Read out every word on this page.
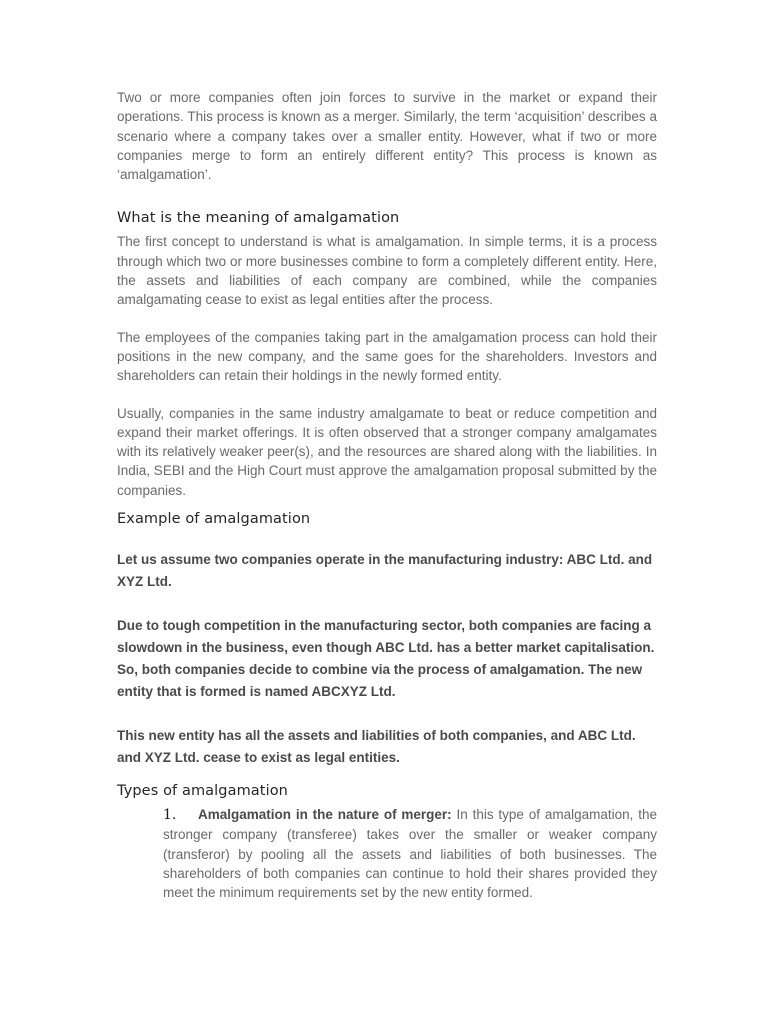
Two or more companies often join forces to survive in the market or expand their operations. This process is known as a merger. Similarly, the term ‘acquisition’ describes a scenario where a company takes over a smaller entity. However, what if two or more companies merge to form an entirely different entity? This process is known as ‘amalgamation’.

What is the meaning of amalgamation

The first concept to understand is what is amalgamation. In simple terms, it is a process through which two or more businesses combine to form a completely different entity. Here, the assets and liabilities of each company are combined, while the companies amalgamating cease to exist as legal entities after the process.

The employees of the companies taking part in the amalgamation process can hold their positions in the new company, and the same goes for the shareholders. Investors and shareholders can retain their holdings in the newly formed entity.

Usually, companies in the same industry amalgamate to beat or reduce competition and expand their market offerings. It is often observed that a stronger company amalgamates with its relatively weaker peer(s), and the resources are shared along with the liabilities. In India, SEBI and the High Court must approve the amalgamation proposal submitted by the companies.

Example of amalgamation

Let us assume two companies operate in the manufacturing industry: ABC Ltd. and XYZ Ltd.

Due to tough competition in the manufacturing sector, both companies are facing a slowdown in the business, even though ABC Ltd. has a better market capitalisation. So, both companies decide to combine via the process of amalgamation. The new entity that is formed is named ABCXYZ Ltd.

This new entity has all the assets and liabilities of both companies, and ABC Ltd. and XYZ Ltd. cease to exist as legal entities.

Types of amalgamation
1. Amalgamation in the nature of merger: In this type of amalgamation, the stronger company (transferee) takes over the smaller or weaker company (transferor) by pooling all the assets and liabilities of both businesses. The shareholders of both companies can continue to hold their shares provided they meet the minimum requirements set by the new entity formed.
